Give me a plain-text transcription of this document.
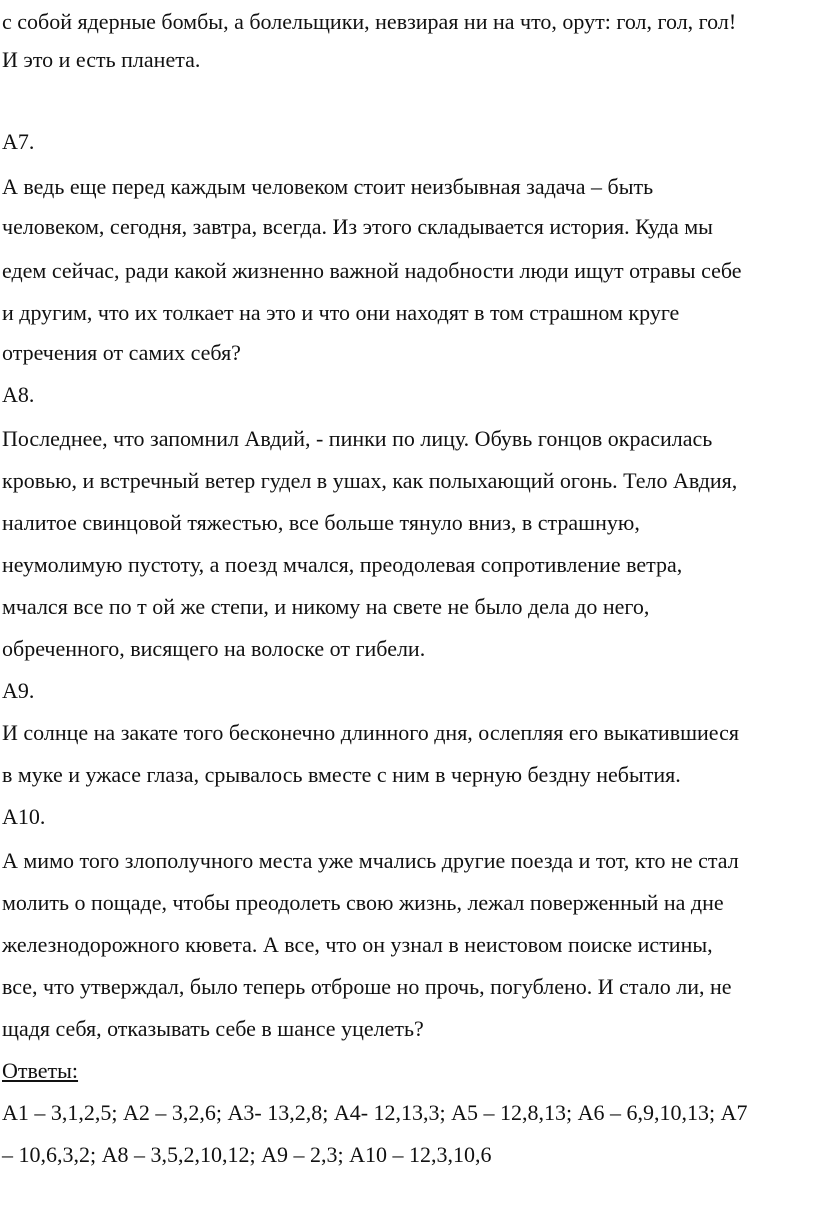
с собой ядерные бомбы, а болельщики, невзирая ни на что, орут: гол, гол, гол!
И это и есть планета.
А7.
А ведь еще перед каждым человеком стоит неизбывная задача – быть
человеком, сегодня, завтра, всегда. Из этого складывается история. Куда мы
едем сейчас, ради какой жизненно важной надобности люди ищут отравы себе
и другим, что их толкает на это и что они находят в том страшном круге
отречения от самих себя?
А8.
Последнее, что запомнил Авдий, - пинки по лицу. Обувь гонцов окрасилась
кровью, и встречный ветер гудел в ушах, как полыхающий огонь. Тело Авдия,
налитое свинцовой тяжестью, все больше тянуло вниз, в страшную,
неумолимую пустоту, а поезд мчался, преодолевая сопротивление ветра,
мчался все по т ой же степи, и никому на свете не было дела до него,
обреченного, висящего на волоске от гибели.
А9.
И солнце на закате того бесконечно длинного дня, ослепляя его выкатившиеся
в муке и ужасе глаза, срывалось вместе с ним в черную бездну небытия.
А10.
А мимо того злополучного места уже мчались другие поезда и тот, кто не стал
молить о пощаде, чтобы преодолеть свою жизнь, лежал поверженный на дне
железнодорожного кювета. А все, что он узнал в неистовом поиске истины,
все, что утверждал, было теперь отброше но прочь, погублено. И стало ли, не
щадя себя, отказывать себе в шансе уцелеть?
Ответы:
А1 – 3,1,2,5; А2 – 3,2,6; А3- 13,2,8; А4- 12,13,3; А5 – 12,8,13; А6 – 6,9,10,13; А7
– 10,6,3,2; А8 – 3,5,2,10,12; А9 – 2,3; А10 – 12,3,10,6
